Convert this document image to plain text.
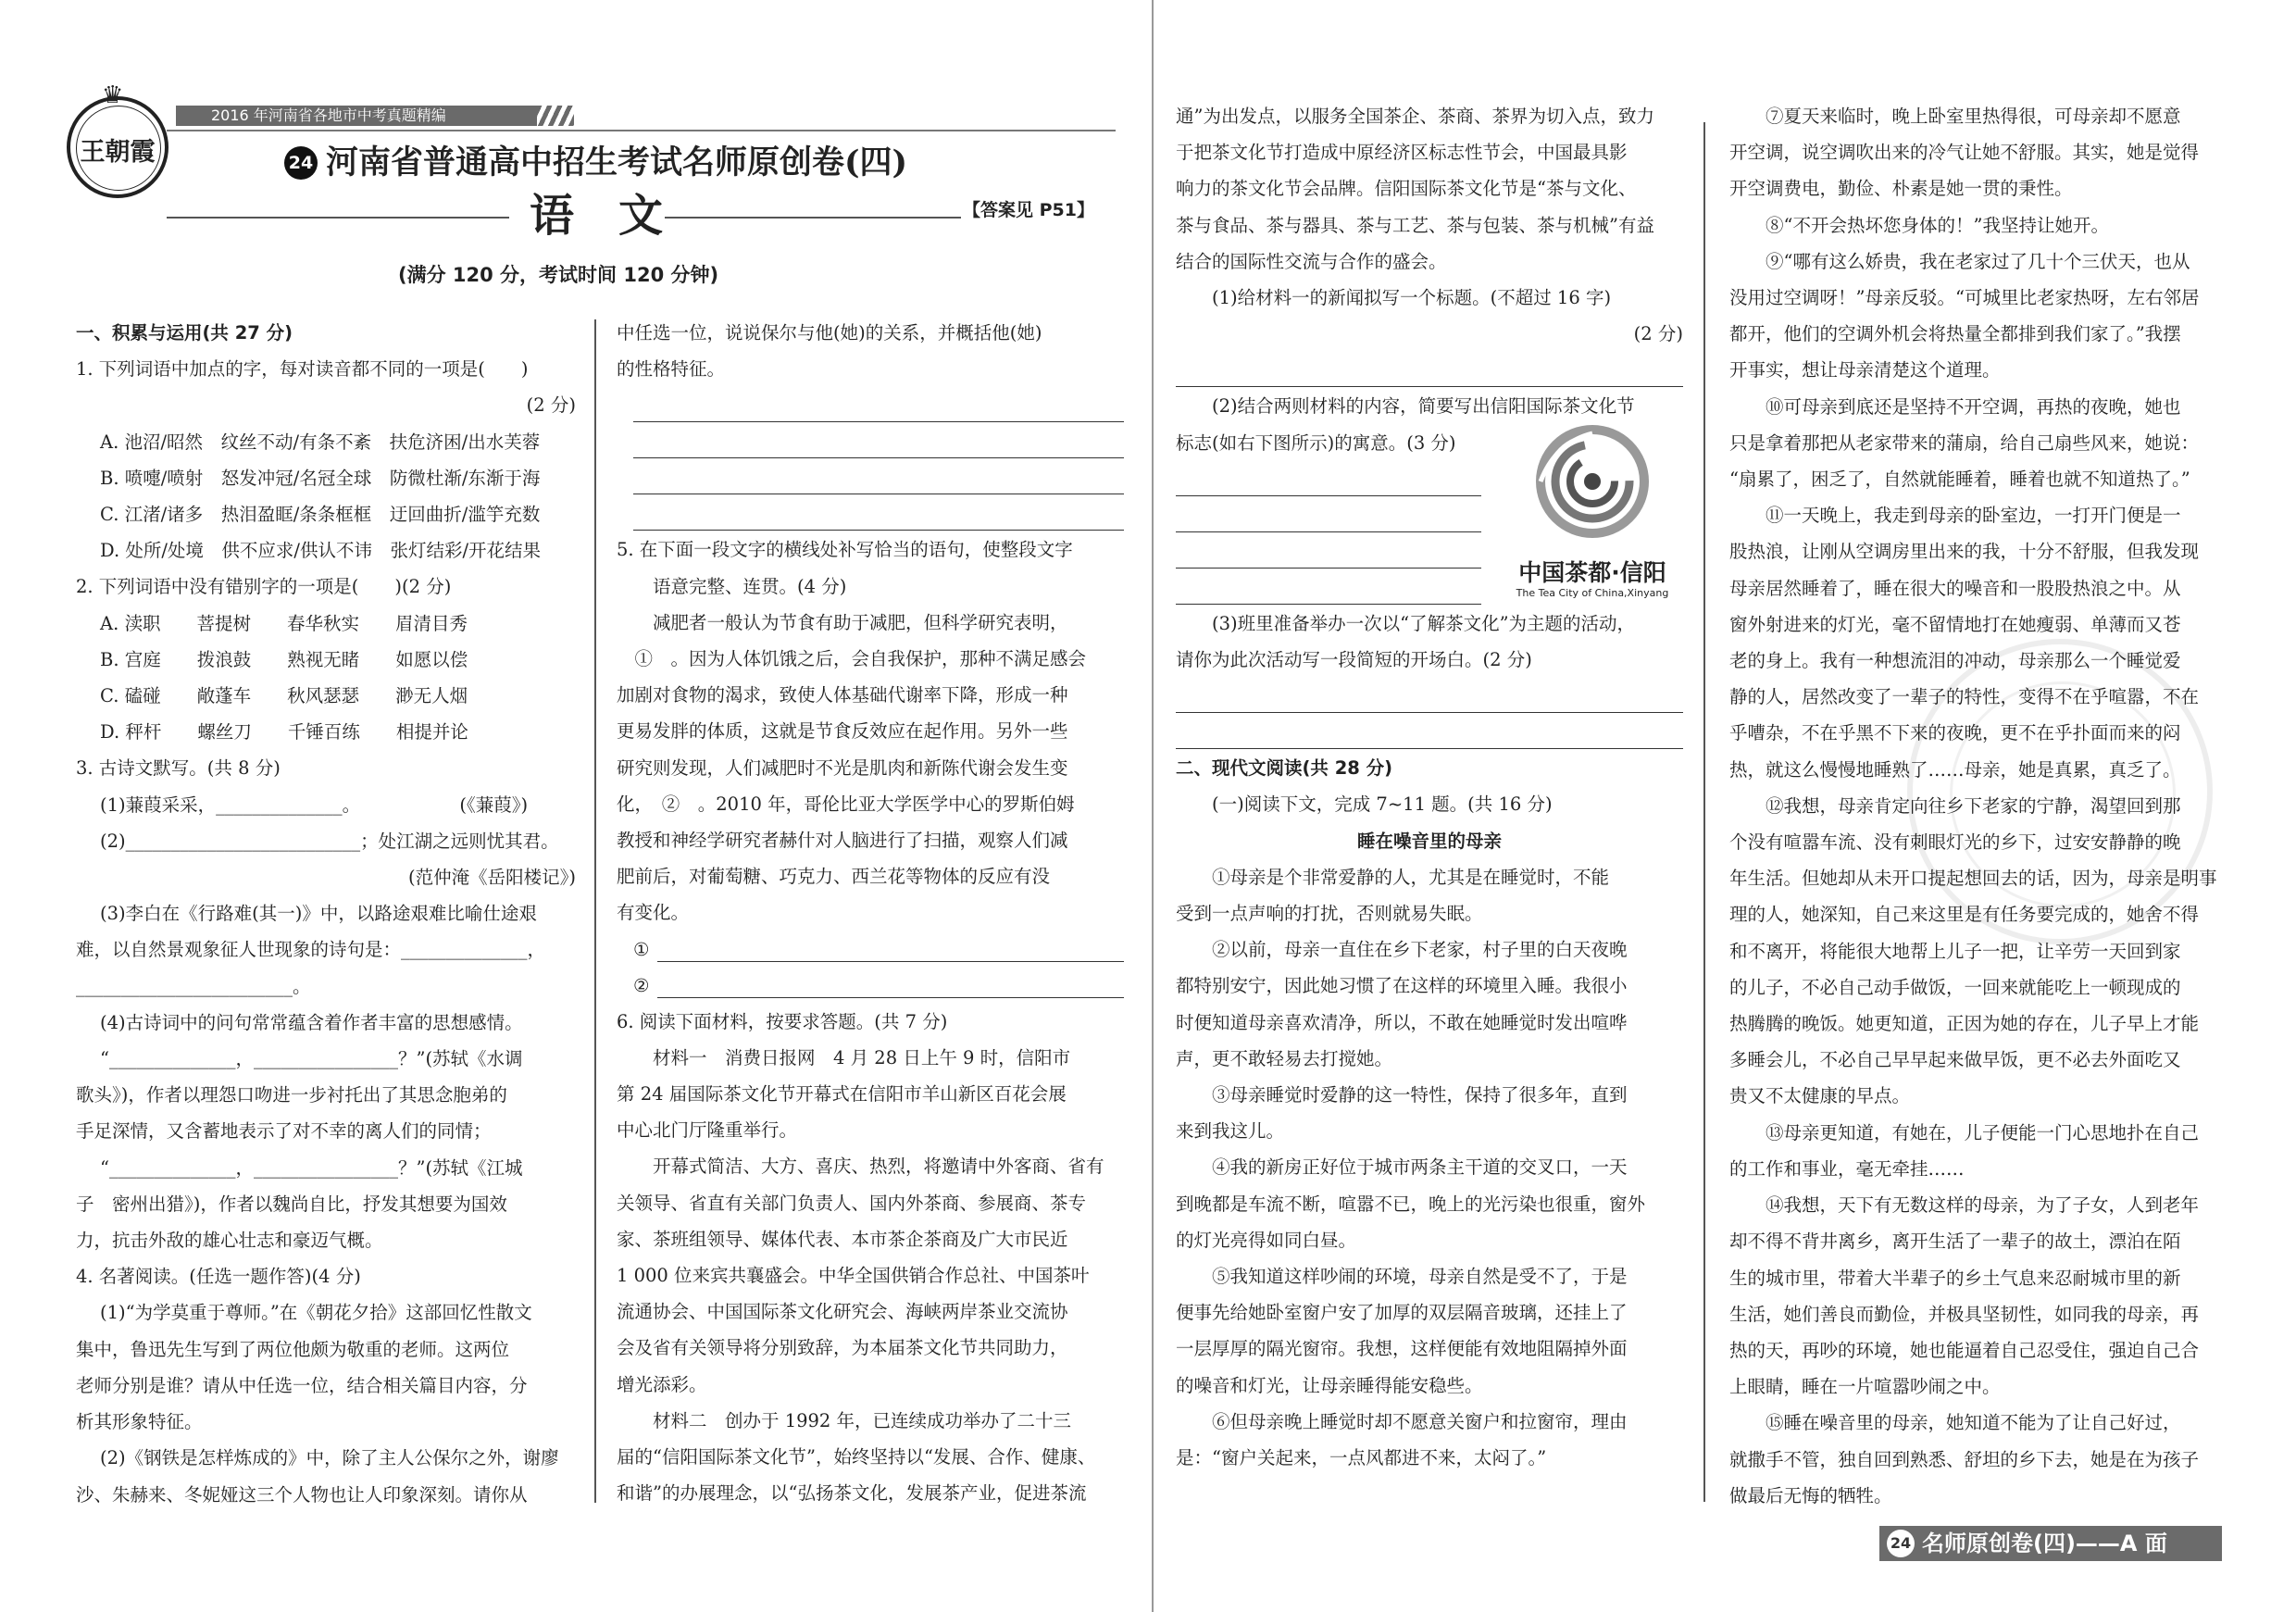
♛
王朝霞
2016 年河南省各地市中考真题精编
24 河南省普通高中招生考试名师原创卷(四)
语　文	【答案见 P51】
(满分 120 分，考试时间 120 分钟)

一、积累与运用(共 27 分)

1. 下列词语中加点的字，每对读音都不同的一项是(　　)

(2 分)

A. 池沼/昭然　纹丝不动/有条不紊　扶危济困/出水芙蓉

B. 喷嚏/喷射　怒发冲冠/名冠全球　防微杜渐/东渐于海

C. 江渚/诸多　热泪盈眶/条条框框　迂回曲折/滥竽充数

D. 处所/处境　供不应求/供认不讳　张灯结彩/开花结果

2. 下列词语中没有错别字的一项是(　　)(2 分)

A. 渎职　　菩提树　　春华秋实　　眉清目秀

B. 宫庭　　拨浪鼓　　熟视无睹　　如愿以偿

C. 磕碰　　敞蓬车　　秋风瑟瑟　　渺无人烟

D. 秤杆　　螺丝刀　　千锤百练　　相提并论

3. 古诗文默写。(共 8 分)

(1)蒹葭采采，______________。　　　　　　(《蒹葭》)

(2)__________________________；处江湖之远则忧其君。

(范仲淹《岳阳楼记》)

(3)李白在《行路难(其一)》中，以路途艰难比喻仕途艰

难，以自然景观象征人世现象的诗句是：______________，

________________________。

(4)古诗词中的问句常常蕴含着作者丰富的思想感情。

“______________，________________？”(苏轼《水调

歌头》)，作者以理怨口吻进一步衬托出了其思念胞弟的

手足深情，又含蓄地表示了对不幸的离人们的同情；

“______________，________________？”(苏轼《江城

子　密州出猎》)，作者以魏尚自比，抒发其想要为国效

力，抗击外敌的雄心壮志和豪迈气概。

4. 名著阅读。(任选一题作答)(4 分)

(1)“为学莫重于尊师。”在《朝花夕拾》这部回忆性散文

集中，鲁迅先生写到了两位他颇为敬重的老师。这两位

老师分别是谁？请从中任选一位，结合相关篇目内容，分

析其形象特征。

(2)《钢铁是怎样炼成的》中，除了主人公保尔之外，谢廖

沙、朱赫来、冬妮娅这三个人物也让人印象深刻。请你从

中任选一位，说说保尔与他(她)的关系，并概括他(她)

的性格特征。

5. 在下面一段文字的横线处补写恰当的语句，使整段文字

语意完整、连贯。(4 分)

减肥者一般认为节食有助于减肥，但科学研究表明，

　①　。因为人体饥饿之后，会自我保护，那种不满足感会

加剧对食物的渴求，致使人体基础代谢率下降，形成一种

更易发胖的体质，这就是节食反效应在起作用。另外一些

研究则发现，人们减肥时不光是肌肉和新陈代谢会发生变

化，　②　。2010 年，哥伦比亚大学医学中心的罗斯伯姆

教授和神经学研究者赫什对人脑进行了扫描，观察人们减

肥前后，对葡萄糖、巧克力、西兰花等物体的反应有没

有变化。

①
②

6. 阅读下面材料，按要求答题。(共 7 分)

材料一　消费日报网　4 月 28 日上午 9 时，信阳市

第 24 届国际茶文化节开幕式在信阳市羊山新区百花会展

中心北门厅隆重举行。

开幕式简洁、大方、喜庆、热烈，将邀请中外客商、省有

关领导、省直有关部门负责人、国内外茶商、参展商、茶专

家、茶班组领导、媒体代表、本市茶企茶商及广大市民近

1 000 位来宾共襄盛会。中华全国供销合作总社、中国茶叶

流通协会、中国国际茶文化研究会、海峡两岸茶业交流协

会及省有关领导将分别致辞，为本届茶文化节共同助力，

增光添彩。

材料二　创办于 1992 年，已连续成功举办了二十三

届的“信阳国际茶文化节”，始终坚持以“发展、合作、健康、

和谐”的办展理念，以“弘扬茶文化，发展茶产业，促进茶流

通”为出发点，以服务全国茶企、茶商、茶界为切入点，致力

于把茶文化节打造成中原经济区标志性节会，中国最具影

响力的茶文化节会品牌。信阳国际茶文化节是“茶与文化、

茶与食品、茶与器具、茶与工艺、茶与包装、茶与机械”有益

结合的国际性交流与合作的盛会。

(1)给材料一的新闻拟写一个标题。(不超过 16 字)

(2 分)

(2)结合两则材料的内容，简要写出信阳国际茶文化节

标志(如右下图所示)的寓意。(3 分)

中国茶都·信阳
The Tea City of China,Xinyang

(3)班里准备举办一次以“了解茶文化”为主题的活动，

请你为此次活动写一段简短的开场白。(2 分)

二、现代文阅读(共 28 分)

(一)阅读下文，完成 7~11 题。(共 16 分)

睡在噪音里的母亲

①母亲是个非常爱静的人，尤其是在睡觉时，不能

受到一点声响的打扰，否则就易失眠。

②以前，母亲一直住在乡下老家，村子里的白天夜晚

都特别安宁，因此她习惯了在这样的环境里入睡。我很小

时便知道母亲喜欢清净，所以，不敢在她睡觉时发出喧哗

声，更不敢轻易去打搅她。

③母亲睡觉时爱静的这一特性，保持了很多年，直到

来到我这儿。

④我的新房正好位于城市两条主干道的交叉口，一天

到晚都是车流不断，喧嚣不已，晚上的光污染也很重，窗外

的灯光亮得如同白昼。

⑤我知道这样吵闹的环境，母亲自然是受不了，于是

便事先给她卧室窗户安了加厚的双层隔音玻璃，还挂上了

一层厚厚的隔光窗帘。我想，这样便能有效地阻隔掉外面

的噪音和灯光，让母亲睡得能安稳些。

⑥但母亲晚上睡觉时却不愿意关窗户和拉窗帘，理由

是：“窗户关起来，一点风都进不来，太闷了。”

⑦夏天来临时，晚上卧室里热得很，可母亲却不愿意

开空调，说空调吹出来的冷气让她不舒服。其实，她是觉得

开空调费电，勤俭、朴素是她一贯的秉性。

⑧“不开会热坏您身体的！”我坚持让她开。

⑨“哪有这么娇贵，我在老家过了几十个三伏天，也从

没用过空调呀！”母亲反驳。“可城里比老家热呀，左右邻居

都开，他们的空调外机会将热量全都排到我们家了。”我摆

开事实，想让母亲清楚这个道理。

⑩可母亲到底还是坚持不开空调，再热的夜晚，她也

只是拿着那把从老家带来的蒲扇，给自己扇些风来，她说：

“扇累了，困乏了，自然就能睡着，睡着也就不知道热了。”

⑪一天晚上，我走到母亲的卧室边，一打开门便是一

股热浪，让刚从空调房里出来的我，十分不舒服，但我发现

母亲居然睡着了，睡在很大的噪音和一股股热浪之中。从

窗外射进来的灯光，毫不留情地打在她瘦弱、单薄而又苍

老的身上。我有一种想流泪的冲动，母亲那么一个睡觉爱

静的人，居然改变了一辈子的特性，变得不在乎喧嚣，不在

乎嘈杂，不在乎黑不下来的夜晚，更不在乎扑面而来的闷

热，就这么慢慢地睡熟了……母亲，她是真累，真乏了。

⑫我想，母亲肯定向往乡下老家的宁静，渴望回到那

个没有喧嚣车流、没有刺眼灯光的乡下，过安安静静的晚

年生活。但她却从未开口提起想回去的话，因为，母亲是明事

理的人，她深知，自己来这里是有任务要完成的，她舍不得

和不离开，将能很大地帮上儿子一把，让辛劳一天回到家

的儿子，不必自己动手做饭，一回来就能吃上一顿现成的

热腾腾的晚饭。她更知道，正因为她的存在，儿子早上才能

多睡会儿，不必自己早早起来做早饭，更不必去外面吃又

贵又不太健康的早点。

⑬母亲更知道，有她在，儿子便能一门心思地扑在自己

的工作和事业，毫无牵挂……

⑭我想，天下有无数这样的母亲，为了子女，人到老年

却不得不背井离乡，离开生活了一辈子的故土，漂泊在陌

生的城市里，带着大半辈子的乡土气息来忍耐城市里的新

生活，她们善良而勤俭，并极具坚韧性，如同我的母亲，再

热的天，再吵的环境，她也能逼着自己忍受住，强迫自己合

上眼睛，睡在一片喧嚣吵闹之中。

⑮睡在噪音里的母亲，她知道不能为了让自己好过，

就撒手不管，独自回到熟悉、舒坦的乡下去，她是在为孩子

做最后无悔的牺牲。

24 名师原创卷(四)——A 面
